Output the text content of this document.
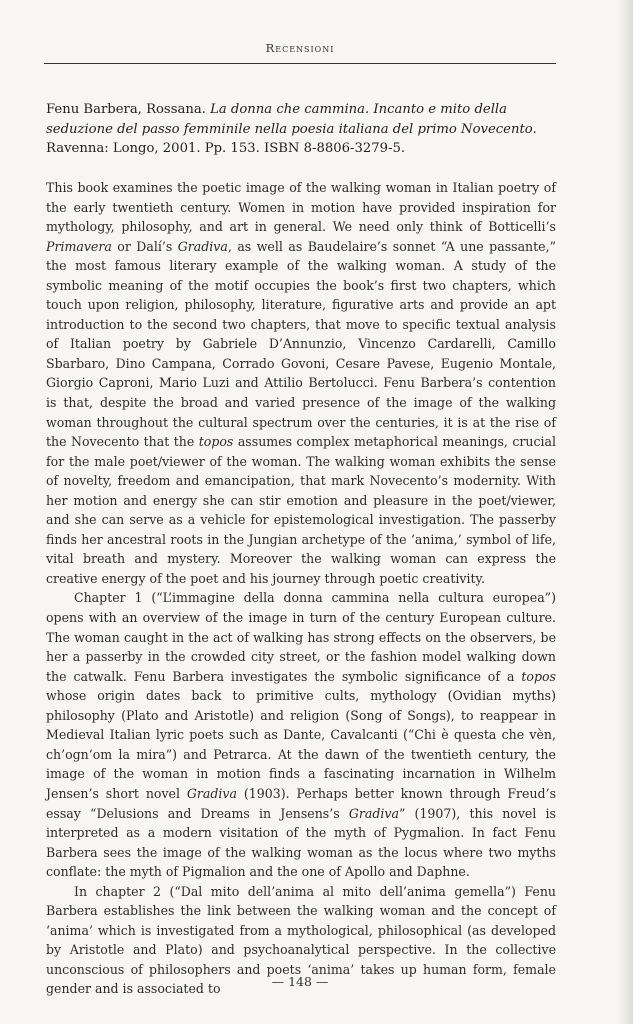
Recensioni
Fenu Barbera, Rossana. La donna che cammina. Incanto e mito della seduzione del passo femminile nella poesia italiana del primo Novecento. Ravenna: Longo, 2001. Pp. 153. ISBN 8-8806-3279-5.

This book examines the poetic image of the walking woman in Italian poetry of the early twentieth century. Women in motion have provided inspiration for mythology, philosophy, and art in general. We need only think of Botticelli’s Primavera or Dalí’s Gradiva, as well as Baudelaire’s sonnet “A une passante,” the most famous literary example of the walking woman. A study of the symbolic meaning of the motif occupies the book’s first two chapters, which touch upon religion, philosophy, literature, figurative arts and provide an apt introduction to the second two chapters, that move to specific textual analysis of Italian poetry by Gabriele D’Annunzio, Vincenzo Cardarelli, Camillo Sbarbaro, Dino Campana, Corrado Govoni, Cesare Pavese, Eugenio Montale, Giorgio Caproni, Mario Luzi and Attilio Bertolucci. Fenu Barbera’s contention is that, despite the broad and varied presence of the image of the walking woman throughout the cultural spectrum over the centuries, it is at the rise of the Novecento that the topos assumes complex metaphorical meanings, crucial for the male poet/viewer of the woman. The walking woman exhibits the sense of novelty, freedom and emancipation, that mark Novecento’s modernity. With her motion and energy she can stir emotion and pleasure in the poet/viewer, and she can serve as a vehicle for epistemological investigation. The passerby finds her ancestral roots in the Jungian archetype of the ‘anima,’ symbol of life, vital breath and mystery. Moreover the walking woman can express the creative energy of the poet and his journey through poetic creativity.

Chapter 1 (“L’immagine della donna cammina nella cultura europea”) opens with an overview of the image in turn of the century European culture. The woman caught in the act of walking has strong effects on the observers, be her a passerby in the crowded city street, or the fashion model walking down the catwalk. Fenu Barbera investigates the symbolic significance of a topos whose origin dates back to primitive cults, mythology (Ovidian myths) philosophy (Plato and Aristotle) and religion (Song of Songs), to reappear in Medieval Italian lyric poets such as Dante, Cavalcanti (“Chi è questa che vèn, ch’ogn’om la mira”) and Petrarca. At the dawn of the twentieth century, the image of the woman in motion finds a fascinating incarnation in Wilhelm Jensen’s short novel Gradiva (1903). Perhaps better known through Freud’s essay “Delusions and Dreams in Jensens’s Gradiva” (1907), this novel is interpreted as a modern visitation of the myth of Pygmalion. In fact Fenu Barbera sees the image of the walking woman as the locus where two myths conflate: the myth of Pigmalion and the one of Apollo and Daphne.

In chapter 2 (“Dal mito dell’anima al mito dell’anima gemella”) Fenu Barbera establishes the link between the walking woman and the concept of ‘anima’ which is investigated from a mythological, philosophical (as developed by Aristotle and Plato) and psychoanalytical perspective. In the collective unconscious of philosophers and poets ‘anima’ takes up human form, female gender and is associated to	— 148 —
